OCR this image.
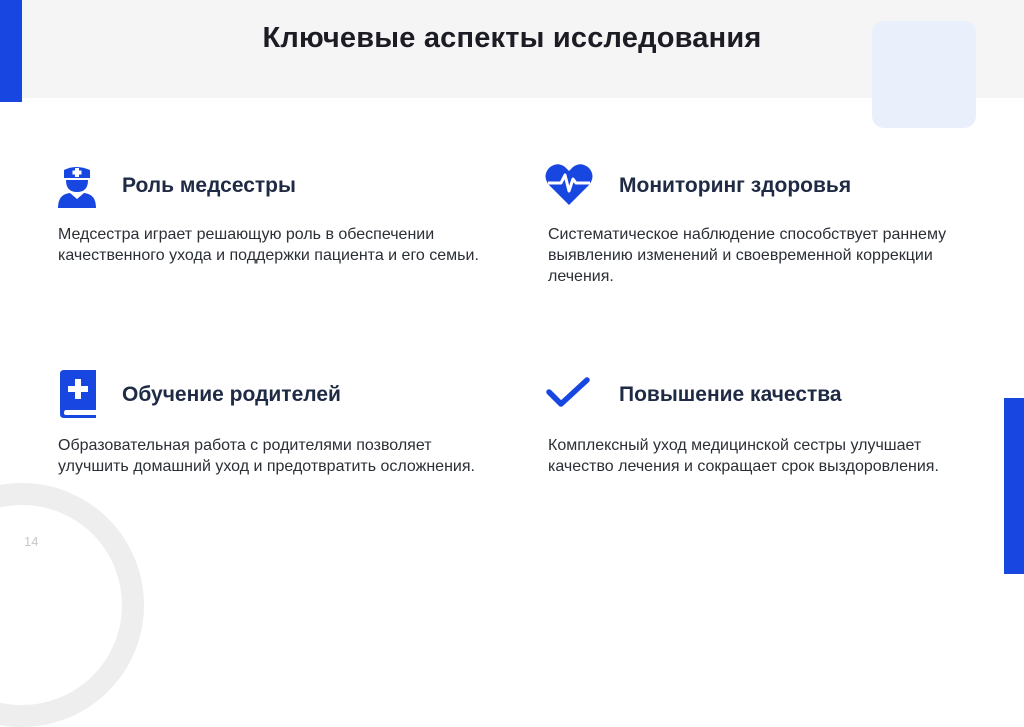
Ключевые аспекты исследования
Роль медсестры
Медсестра играет решающую роль в обеспечении качественного ухода и поддержки пациента и его семьи.
Мониторинг здоровья
Систематическое наблюдение способствует раннему выявлению изменений и своевременной коррекции лечения.
Обучение родителей
Образовательная работа с родителями позволяет улучшить домашний уход и предотвратить осложнения.
Повышение качества
Комплексный уход медицинской сестры улучшает качество лечения и сокращает срок выздоровления.
14
